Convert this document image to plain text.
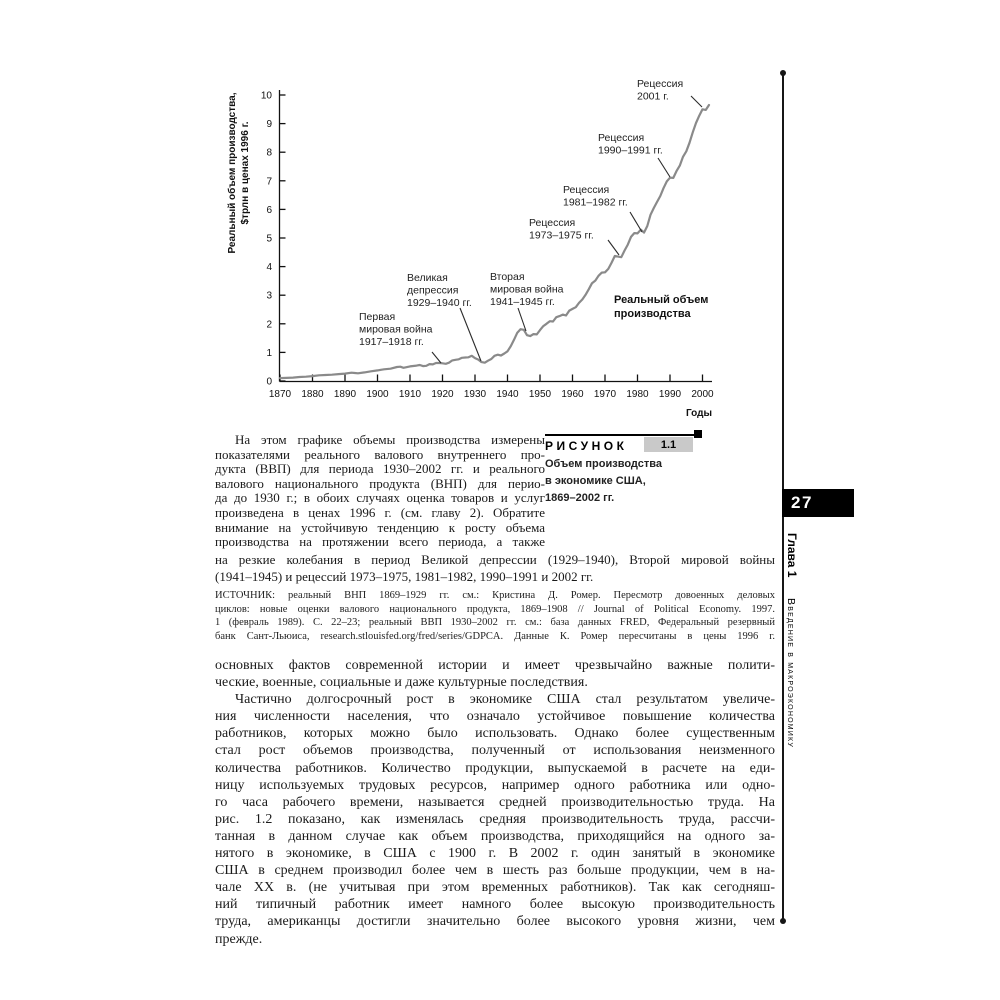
0
1
2
3
4
5
6
7
8
9
10
1870 1880 1890 1900 1910 1920 1930 1940 1950 1960 1970 1980 1990 2000
Годы
Реальный объем производства, $трлн в ценах 1996 г.
Первая
мировая война
1917–1918 гг.
Великая
депрессия
1929–1940 гг.
Вторая
мировая война
1941–1945 гг.
Рецессия
1973–1975 гг.
Рецессия
1981–1982 гг.
Рецессия
1990–1991 гг.
Рецессия
2001 г.
Реальный объем
производства
РИСУНОК	1.1
Объем производства
в экономике США,
1869–2002 гг.
На этом графике объемы производства измерены
показателями реального валового внутреннего про-
дукта (ВВП) для периода 1930–2002 гг. и реального
валового национального продукта (ВНП) для перио-
да до 1930 г.; в обоих случаях оценка товаров и услуг
произведена в ценах 1996 г. (см. главу 2). Обратите
внимание на устойчивую тенденцию к росту объема
производства на протяжении всего периода, а также
на резкие колебания в период Великой депрессии (1929–1940), Второй мировой войны
(1941–1945) и рецессий 1973–1975, 1981–1982, 1990–1991 и 2002 гг.
ИСТОЧНИК: реальный ВНП 1869–1929 гг. см.: Кристина Д. Ромер. Пересмотр довоенных деловых
циклов: новые оценки валового национального продукта, 1869–1908 // Journal of Political Economy. 1997.
1 (февраль 1989). С. 22–23; реальный ВВП 1930–2002 гг. см.: база данных FRED, Федеральный резервный
банк Сант-Льюиса, research.stlouisfed.org/fred/series/GDPCA. Данные К. Ромер пересчитаны в цены 1996 г.
основных фактов современной истории и имеет чрезвычайно важные полити-
ческие, военные, социальные и даже культурные последствия.
Частично долгосрочный рост в экономике США стал результатом увеличе-
ния численности населения, что означало устойчивое повышение количества
работников, которых можно было использовать. Однако более существенным
стал рост объемов производства, полученный от использования неизменного
количества работников. Количество продукции, выпускаемой в расчете на еди-
ницу используемых трудовых ресурсов, например одного работника или одно-
го часа рабочего времени, называется средней производительностью труда. На
рис. 1.2 показано, как изменялась средняя производительность труда, рассчи-
танная в данном случае как объем производства, приходящийся на одного за-
нятого в экономике, в США с 1900 г. В 2002 г. один занятый в экономике
США в среднем производил более чем в шесть раз больше продукции, чем в на-
чале XX в. (не учитывая при этом временных работников). Так как сегодняш-
ний типичный работник имеет намного более высокую производительность
труда, американцы достигли значительно более высокого уровня жизни, чем
прежде.
27
Глава 1
Введение в макроэкономику
